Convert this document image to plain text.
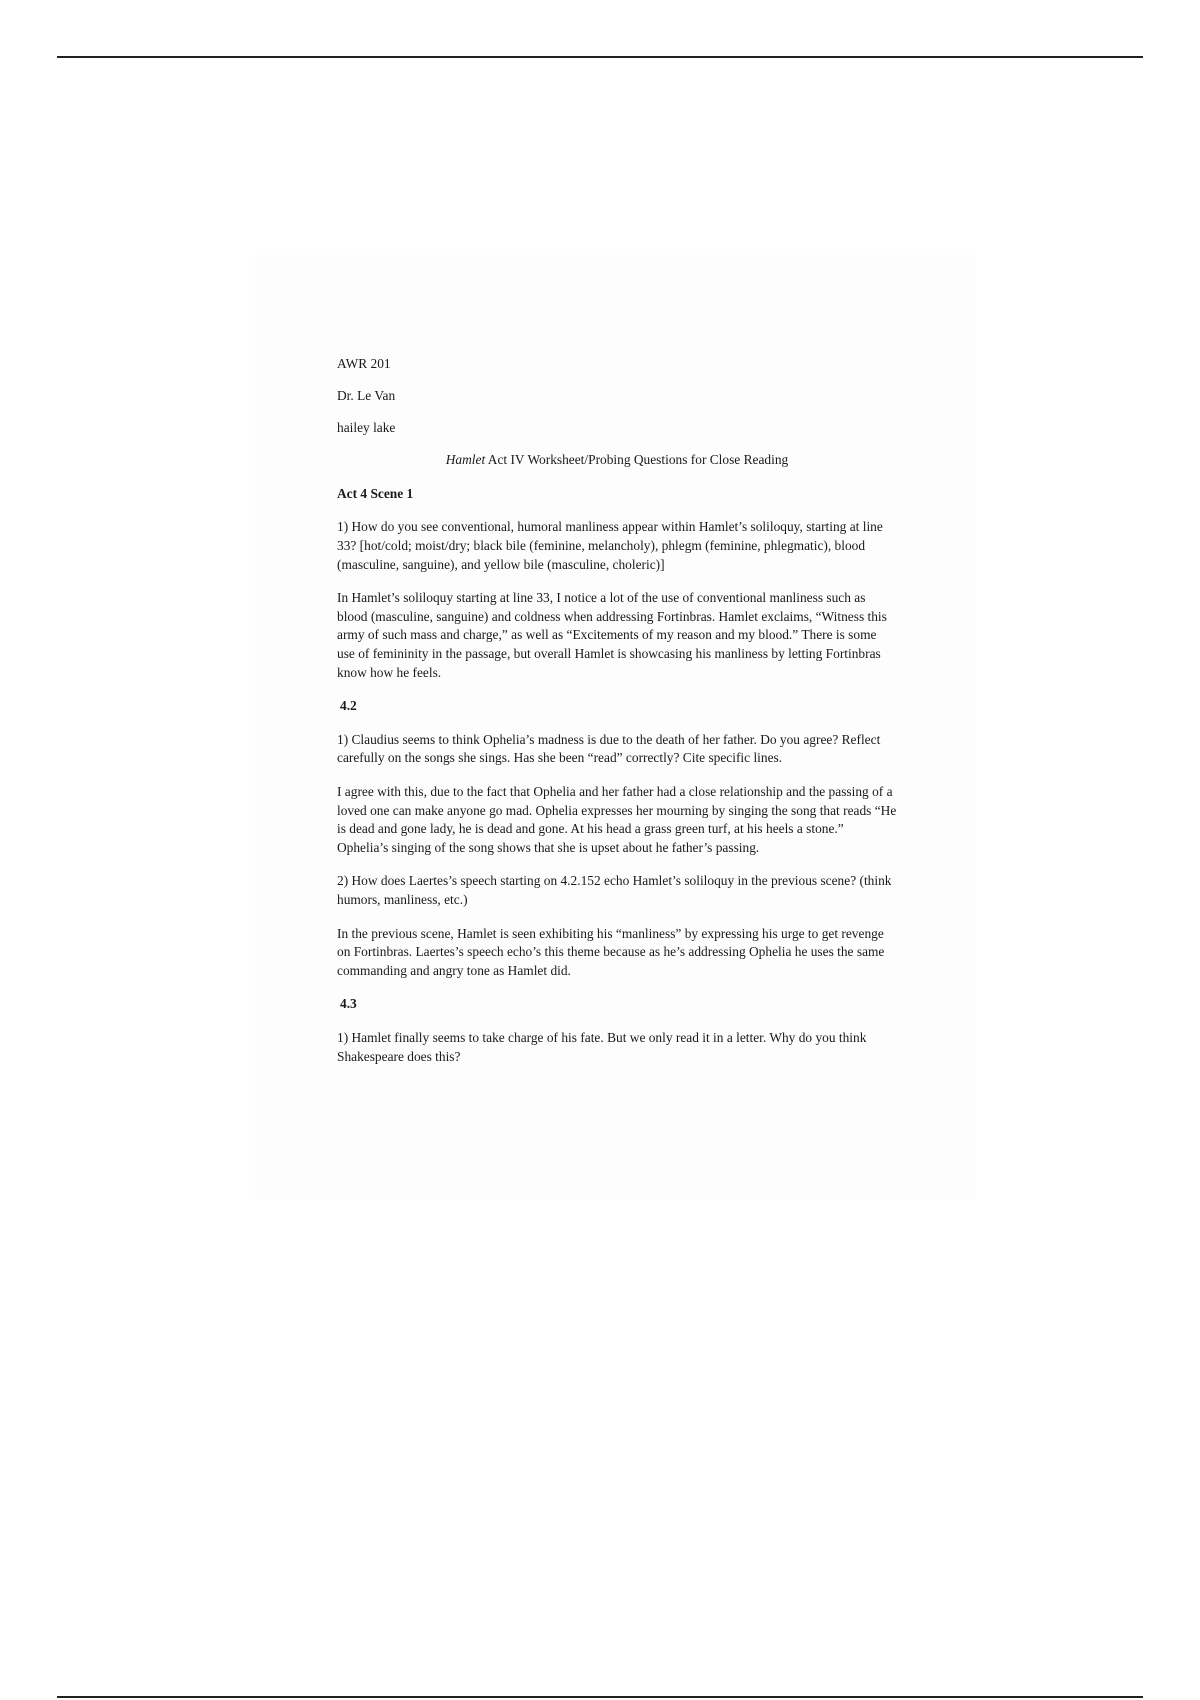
AWR 201

Dr. Le Van

hailey lake

Hamlet Act IV Worksheet/Probing Questions for Close Reading

Act 4 Scene 1

1) How do you see conventional, humoral manliness appear within Hamlet’s soliloquy, starting at line 33? [hot/cold; moist/dry; black bile (feminine, melancholy), phlegm (feminine, phlegmatic), blood (masculine, sanguine), and yellow bile (masculine, choleric)]

In Hamlet’s soliloquy starting at line 33, I notice a lot of the use of conventional manliness such as blood (masculine, sanguine) and coldness when addressing Fortinbras. Hamlet exclaims, “Witness this army of such mass and charge,” as well as “Excitements of my reason and my blood.” There is some use of femininity in the passage, but overall Hamlet is showcasing his manliness by letting Fortinbras know how he feels.

4.2

1) Claudius seems to think Ophelia’s madness is due to the death of her father. Do you agree? Reflect carefully on the songs she sings. Has she been “read” correctly? Cite specific lines.

I agree with this, due to the fact that Ophelia and her father had a close relationship and the passing of a loved one can make anyone go mad. Ophelia expresses her mourning by singing the song that reads “He is dead and gone lady, he is dead and gone. At his head a grass green turf, at his heels a stone.” Ophelia’s singing of the song shows that she is upset about he father’s passing.

2) How does Laertes’s speech starting on 4.2.152 echo Hamlet’s soliloquy in the previous scene? (think humors, manliness, etc.)

In the previous scene, Hamlet is seen exhibiting his “manliness” by expressing his urge to get revenge on Fortinbras. Laertes’s speech echo’s this theme because as he’s addressing Ophelia he uses the same commanding and angry tone as Hamlet did.

4.3

1) Hamlet finally seems to take charge of his fate. But we only read it in a letter. Why do you think Shakespeare does this?
